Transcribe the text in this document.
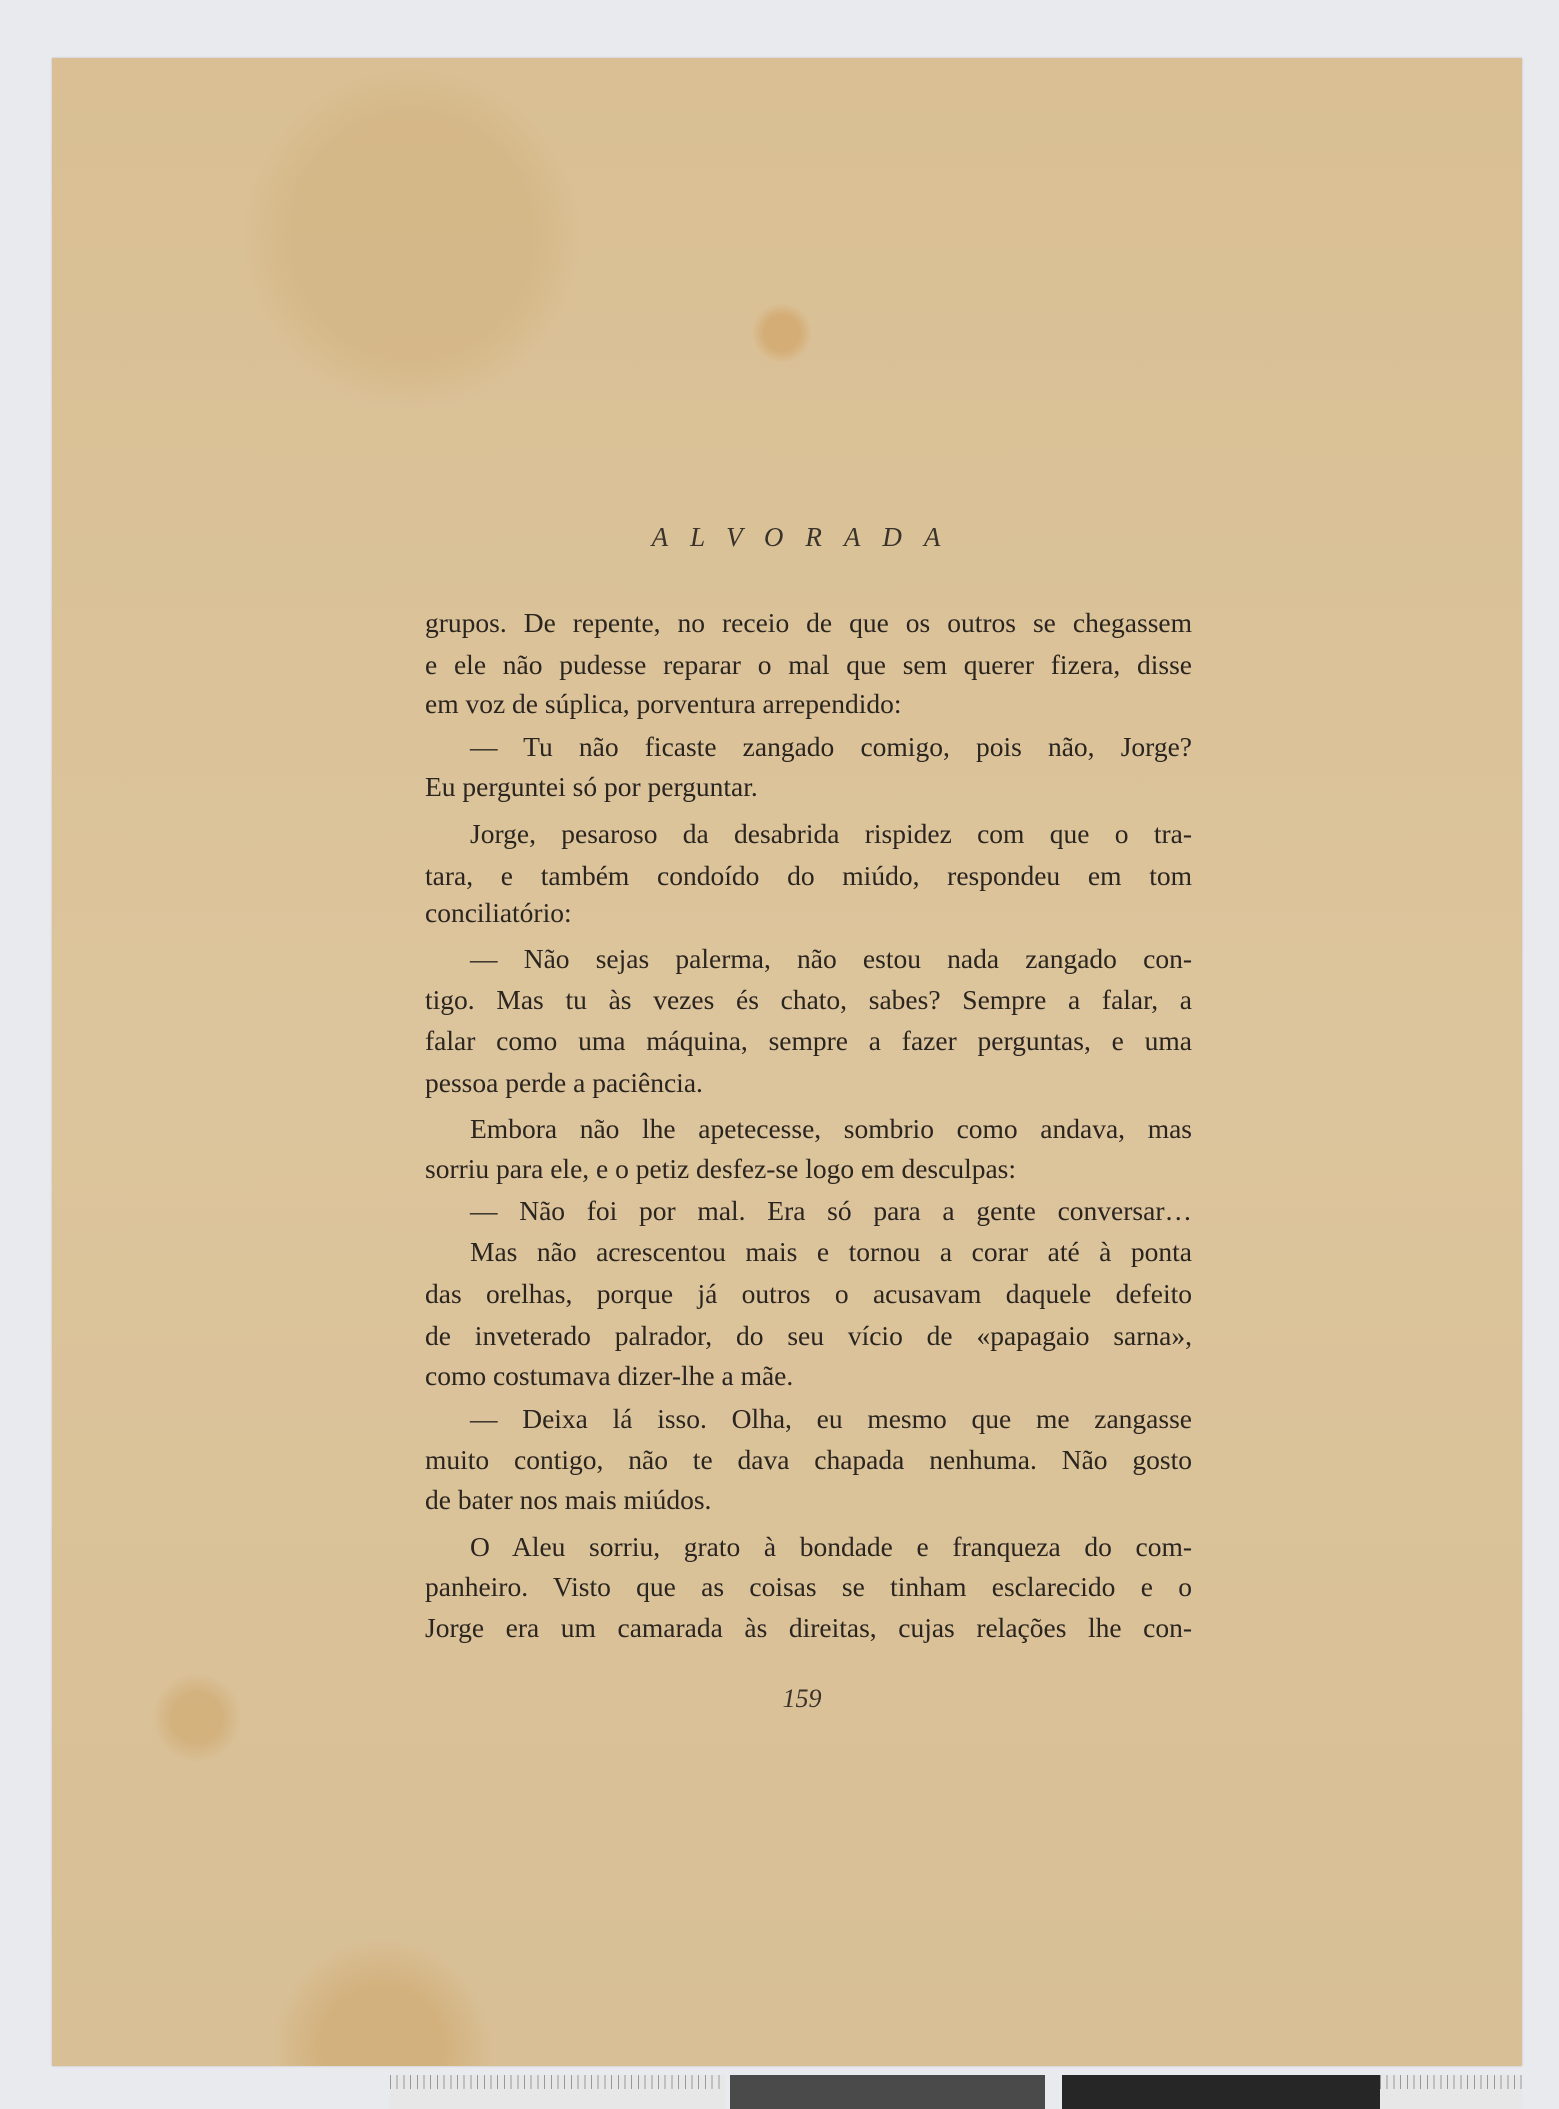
ALVORADA
grupos. De repente, no receio de que os outros se chegassem
e ele não pudesse reparar o mal que sem querer fizera, disse
em voz de súplica, porventura arrependido:
— Tu não ficaste zangado comigo, pois não, Jorge?
Eu perguntei só por perguntar.
Jorge, pesaroso da desabrida rispidez com que o tra-
tara, e também condoído do miúdo, respondeu em tom
conciliatório:
— Não sejas palerma, não estou nada zangado con-
tigo. Mas tu às vezes és chato, sabes? Sempre a falar, a
falar como uma máquina, sempre a fazer perguntas, e uma
pessoa perde a paciência.
Embora não lhe apetecesse, sombrio como andava, mas
sorriu para ele, e o petiz desfez-se logo em desculpas:
— Não foi por mal. Era só para a gente conversar…
Mas não acrescentou mais e tornou a corar até à ponta
das orelhas, porque já outros o acusavam daquele defeito
de inveterado palrador, do seu vício de «papagaio sarna»,
como costumava dizer-lhe a mãe.
— Deixa lá isso. Olha, eu mesmo que me zangasse
muito contigo, não te dava chapada nenhuma. Não gosto
de bater nos mais miúdos.
O Aleu sorriu, grato à bondade e franqueza do com-
panheiro. Visto que as coisas se tinham esclarecido e o
Jorge era um camarada às direitas, cujas relações lhe con-
159
